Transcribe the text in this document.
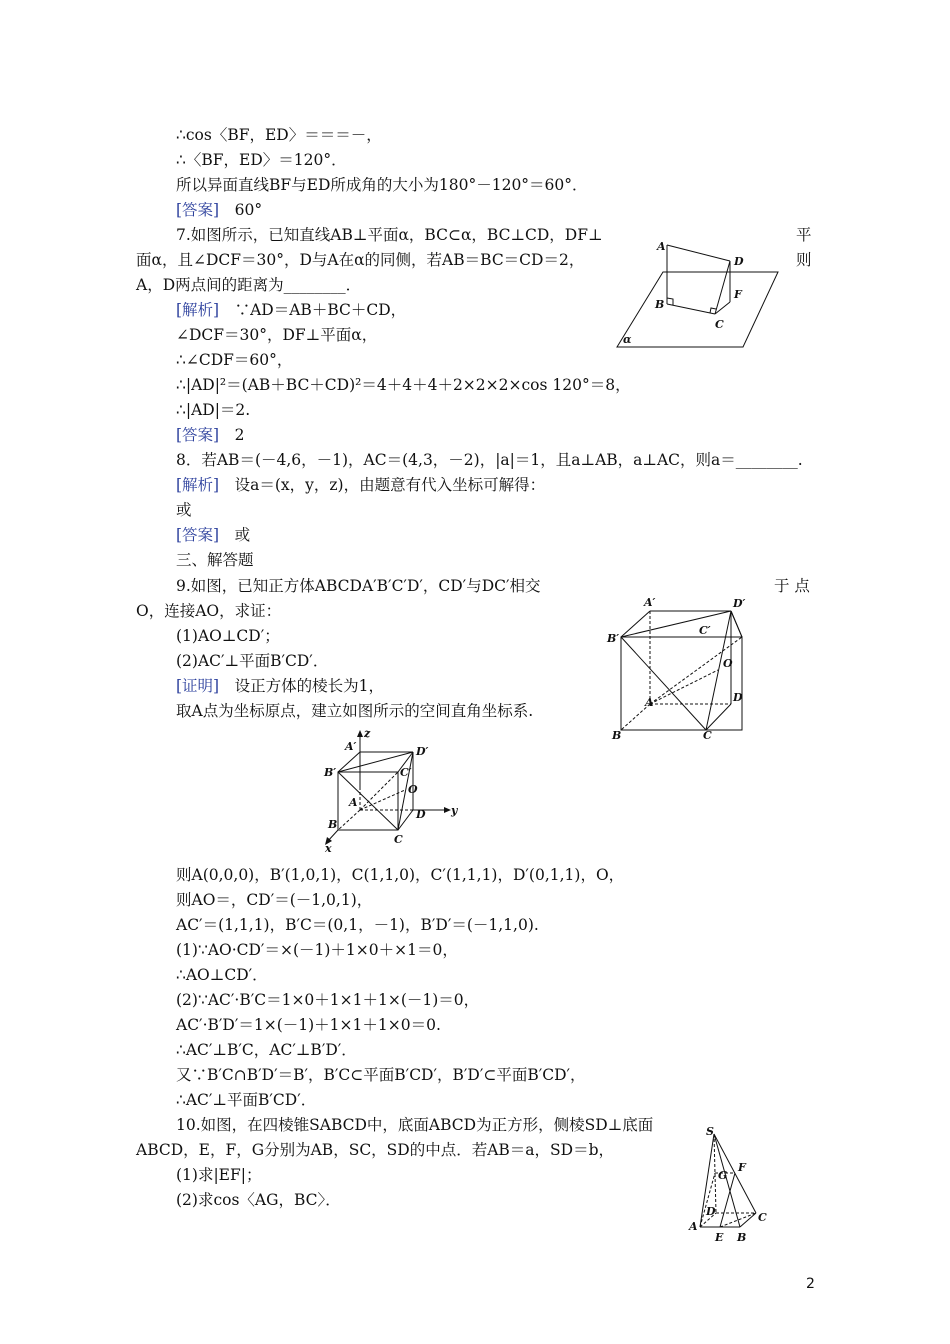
∴cos〈BF，ED〉＝＝＝－，
∴〈BF，ED〉＝120°．
所以异面直线BF与ED所成角的大小为180°－120°＝60°．
[答案]　60°
7.如图所示，已知直线AB⊥平面α，BC⊂α，BC⊥CD，DF⊥
面α，且∠DCF＝30°，D与A在α的同侧，若AB＝BC＝CD＝2，
A，D两点间的距离为________．
[解析]　∵AD＝AB＋BC＋CD，
∠DCF＝30°，DF⊥平面α，
∴∠CDF＝60°，
∴|AD|²＝(AB＋BC＋CD)²＝4＋4＋4＋2×2×2×cos 120°＝8，
∴|AD|＝2.
[答案]　2
8．若AB＝(－4,6，－1)，AC＝(4,3，－2)，|a|＝1，且a⊥AB，a⊥AC，则a＝________.
[解析]　设a＝(x，y，z)，由题意有代入坐标可解得：
或
[答案]　或
三、解答题
9.如图，已知正方体ABCDA′B′C′D′，CD′与DC′相交
O，连接AO，求证：
(1)AO⊥CD′；
(2)AC′⊥平面B′CD′．
[证明]　设正方体的棱长为1，
取A点为坐标原点，建立如图所示的空间直角坐标系.
则A(0,0,0)，B′(1,0,1)，C(1,1,0)，C′(1,1,1)，D′(0,1,1)，O，
则AO＝，CD′＝(－1,0,1)，
AC′＝(1,1,1)，B′C＝(0,1，－1)，B′D′＝(－1,1,0).
(1)∵AO·CD′＝×(－1)＋1×0＋×1＝0，
∴AO⊥CD′．
(2)∵AC′·B′C＝1×0＋1×1＋1×(－1)＝0，
AC′·B′D′＝1×(－1)＋1×1＋1×0＝0.
∴AC′⊥B′C，AC′⊥B′D′．
又∵B′C∩B′D′＝B′，B′C⊂平面B′CD′，B′D′⊂平面B′CD′，
∴AC′⊥平面B′CD′．
10.如图，在四棱锥SABCD中，底面ABCD为正方形，侧棱SD⊥底面
ABCD，E，F，G分别为AB，SC，SD的中点．若AB＝a，SD＝b，
(1)求|EF|；
(2)求cos〈AG，BC〉．
平
则
于 点
A
B
C
D
F
α
A′	D′
C′
B′
O
A	D
B	C
z
y
x
A′	D′
B′	C′
O
A
B
C
D
S
F
G
D
A
E B
C
2
